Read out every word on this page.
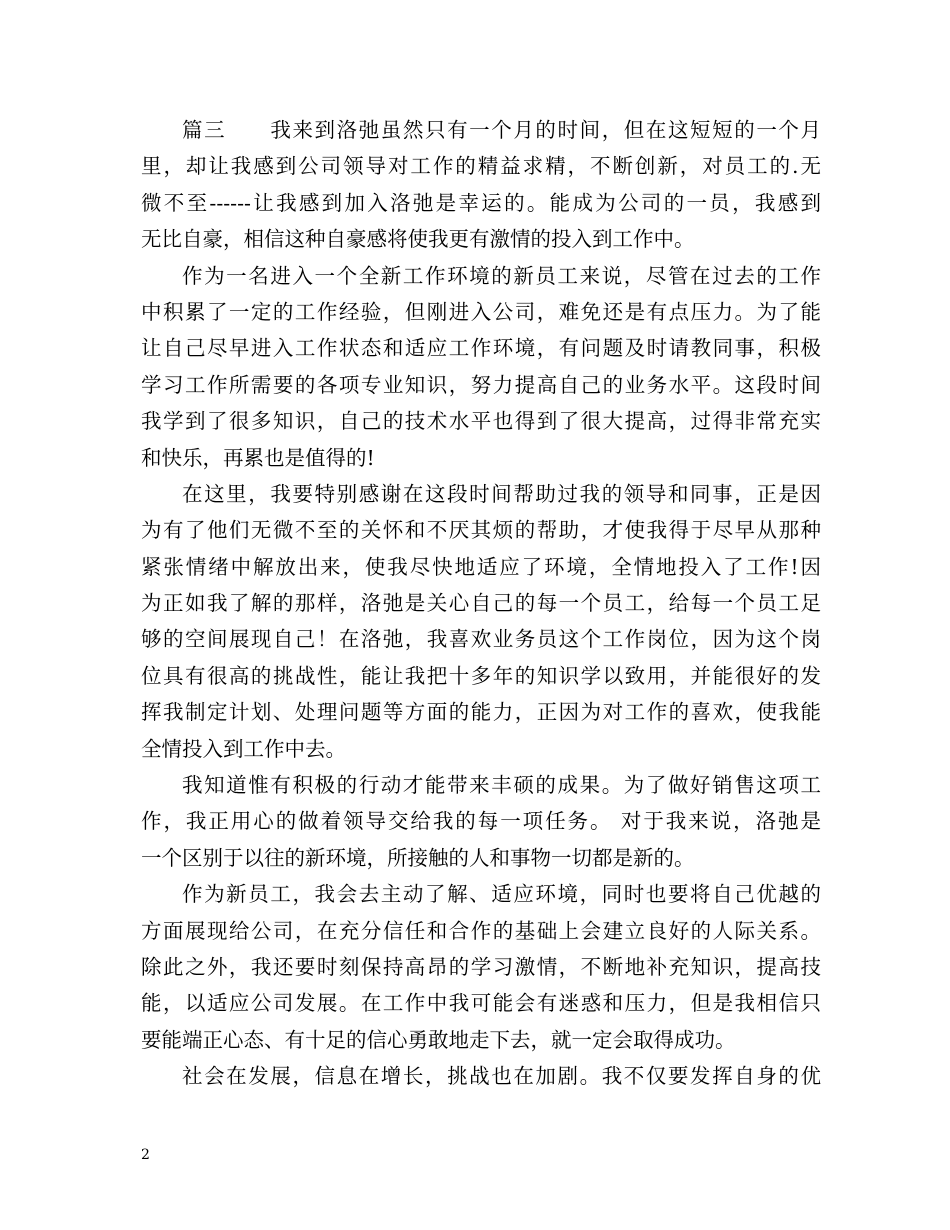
篇三　　我来到洛弛虽然只有一个月的时间，但在这短短的一个月
里，却让我感到公司领导对工作的精益求精，不断创新，对员工的.无
微不至------让我感到加入洛弛是幸运的。能成为公司的一员，我感到
无比自豪，相信这种自豪感将使我更有激情的投入到工作中。
作为一名进入一个全新工作环境的新员工来说，尽管在过去的工作
中积累了一定的工作经验，但刚进入公司，难免还是有点压力。为了能
让自己尽早进入工作状态和适应工作环境，有问题及时请教同事，积极
学习工作所需要的各项专业知识，努力提高自己的业务水平。这段时间
我学到了很多知识，自己的技术水平也得到了很大提高，过得非常充实
和快乐，再累也是值得的!
在这里，我要特别感谢在这段时间帮助过我的领导和同事，正是因
为有了他们无微不至的关怀和不厌其烦的帮助，才使我得于尽早从那种
紧张情绪中解放出来，使我尽快地适应了环境，全情地投入了工作!因
为正如我了解的那样，洛弛是关心自己的每一个员工，给每一个员工足
够的空间展现自己！在洛弛，我喜欢业务员这个工作岗位，因为这个岗
位具有很高的挑战性，能让我把十多年的知识学以致用，并能很好的发
挥我制定计划、处理问题等方面的能力，正因为对工作的喜欢，使我能
全情投入到工作中去。
我知道惟有积极的行动才能带来丰硕的成果。为了做好销售这项工
作，我正用心的做着领导交给我的每一项任务。 对于我来说，洛弛是
一个区别于以往的新环境，所接触的人和事物一切都是新的。
作为新员工，我会去主动了解、适应环境，同时也要将自己优越的
方面展现给公司，在充分信任和合作的基础上会建立良好的人际关系。
除此之外，我还要时刻保持高昂的学习激情，不断地补充知识，提高技
能，以适应公司发展。在工作中我可能会有迷惑和压力，但是我相信只
要能端正心态、有十足的信心勇敢地走下去，就一定会取得成功。
社会在发展，信息在增长，挑战也在加剧。我不仅要发挥自身的优
2
